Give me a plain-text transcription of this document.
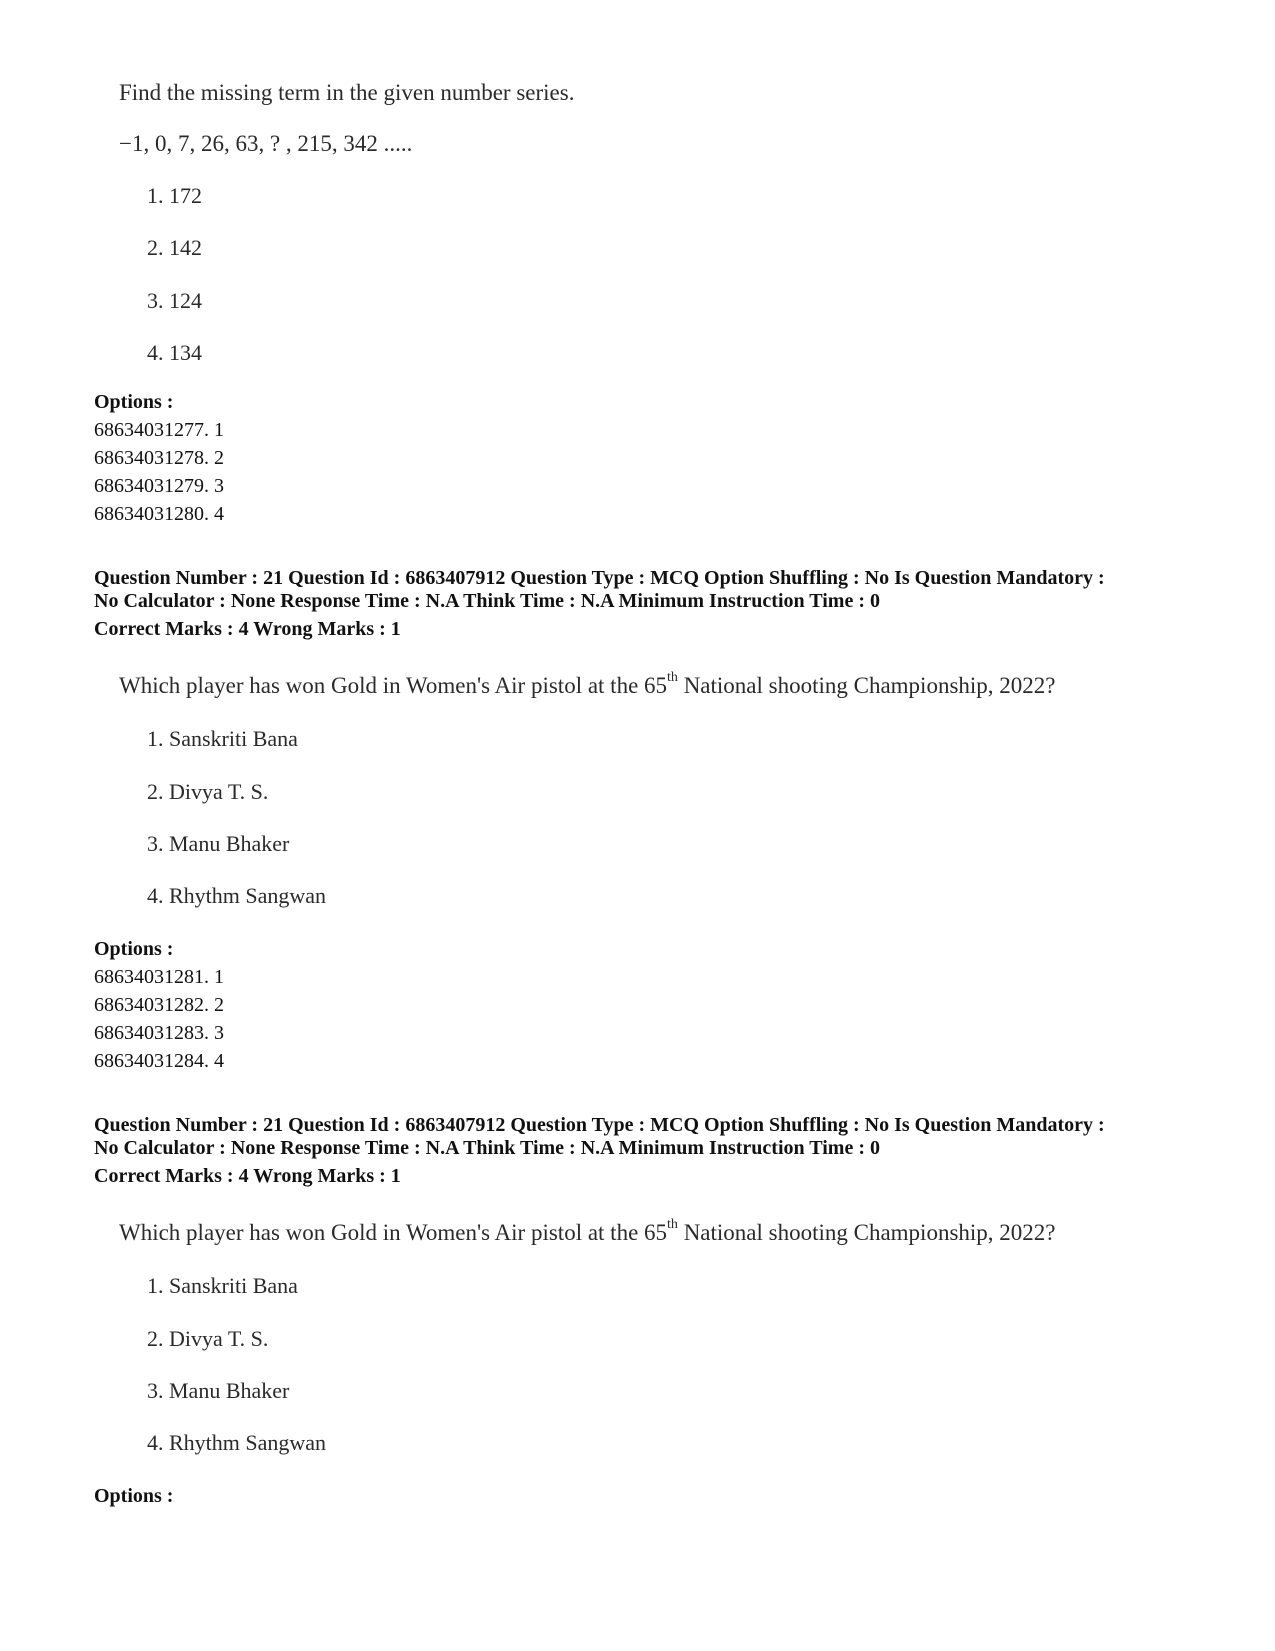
Find the missing term in the given number series.
−1, 0, 7, 26, 63, ? , 215, 342 .....
1. 172
2. 142
3. 124
4. 134
Options :
68634031277. 1
68634031278. 2
68634031279. 3
68634031280. 4
Question Number : 21 Question Id : 6863407912 Question Type : MCQ Option Shuffling : No Is Question Mandatory :
No Calculator : None Response Time : N.A Think Time : N.A Minimum Instruction Time : 0
Correct Marks : 4 Wrong Marks : 1
Which player has won Gold in Women's Air pistol at the 65th National shooting Championship, 2022?
1. Sanskriti Bana
2. Divya T. S.
3. Manu Bhaker
4. Rhythm Sangwan
Options :
68634031281. 1
68634031282. 2
68634031283. 3
68634031284. 4
Question Number : 21 Question Id : 6863407912 Question Type : MCQ Option Shuffling : No Is Question Mandatory :
No Calculator : None Response Time : N.A Think Time : N.A Minimum Instruction Time : 0
Correct Marks : 4 Wrong Marks : 1
Which player has won Gold in Women's Air pistol at the 65th National shooting Championship, 2022?
1. Sanskriti Bana
2. Divya T. S.
3. Manu Bhaker
4. Rhythm Sangwan
Options :
